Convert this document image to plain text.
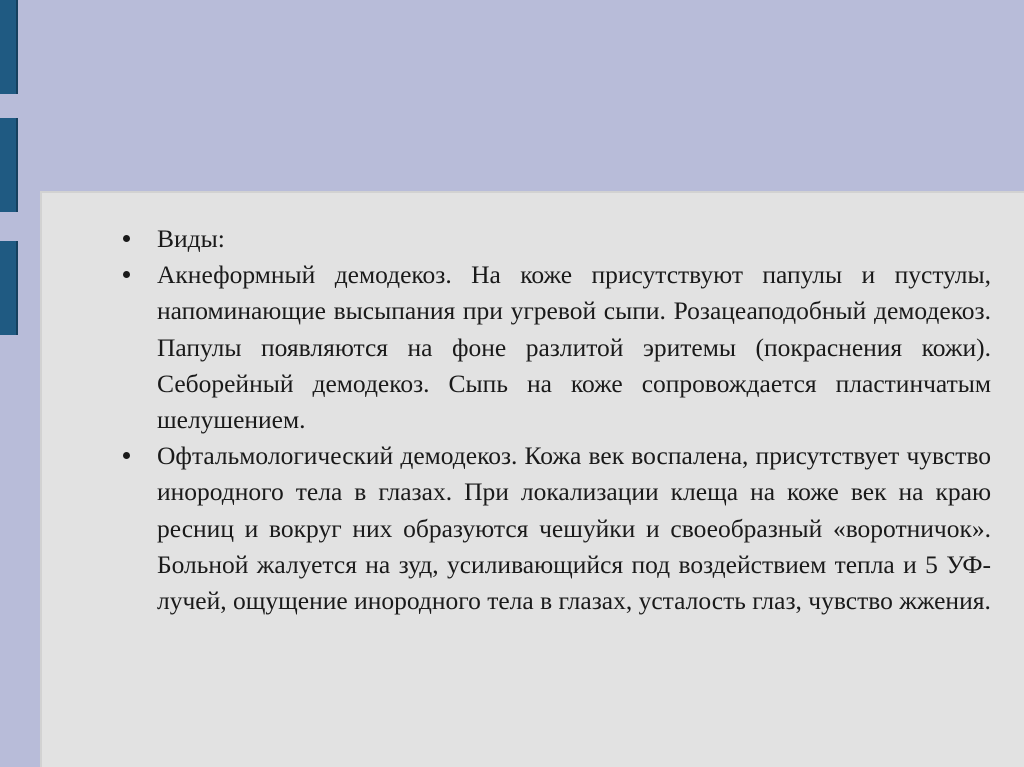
Виды:
Акнеформный демодекоз. На коже присутствуют папулы и пустулы, напоминающие высыпания при угревой сыпи. Розацеаподобный демодекоз. Папулы появляются на фоне разлитой эритемы (покраснения кожи). Себорейный демодекоз. Сыпь на коже сопровождается пластинчатым шелушением.
Офтальмологический демодекоз. Кожа век воспалена, присутствует чувство инородного тела в глазах. При локализации клеща на коже век на краю ресниц и вокруг них образуются чешуйки и своеобразный «воротничок». Больной жалуется на зуд, усиливающийся под воздействием тепла и 5 УФ-лучей, ощущение инородного тела в глазах, усталость глаз, чувство жжения.
